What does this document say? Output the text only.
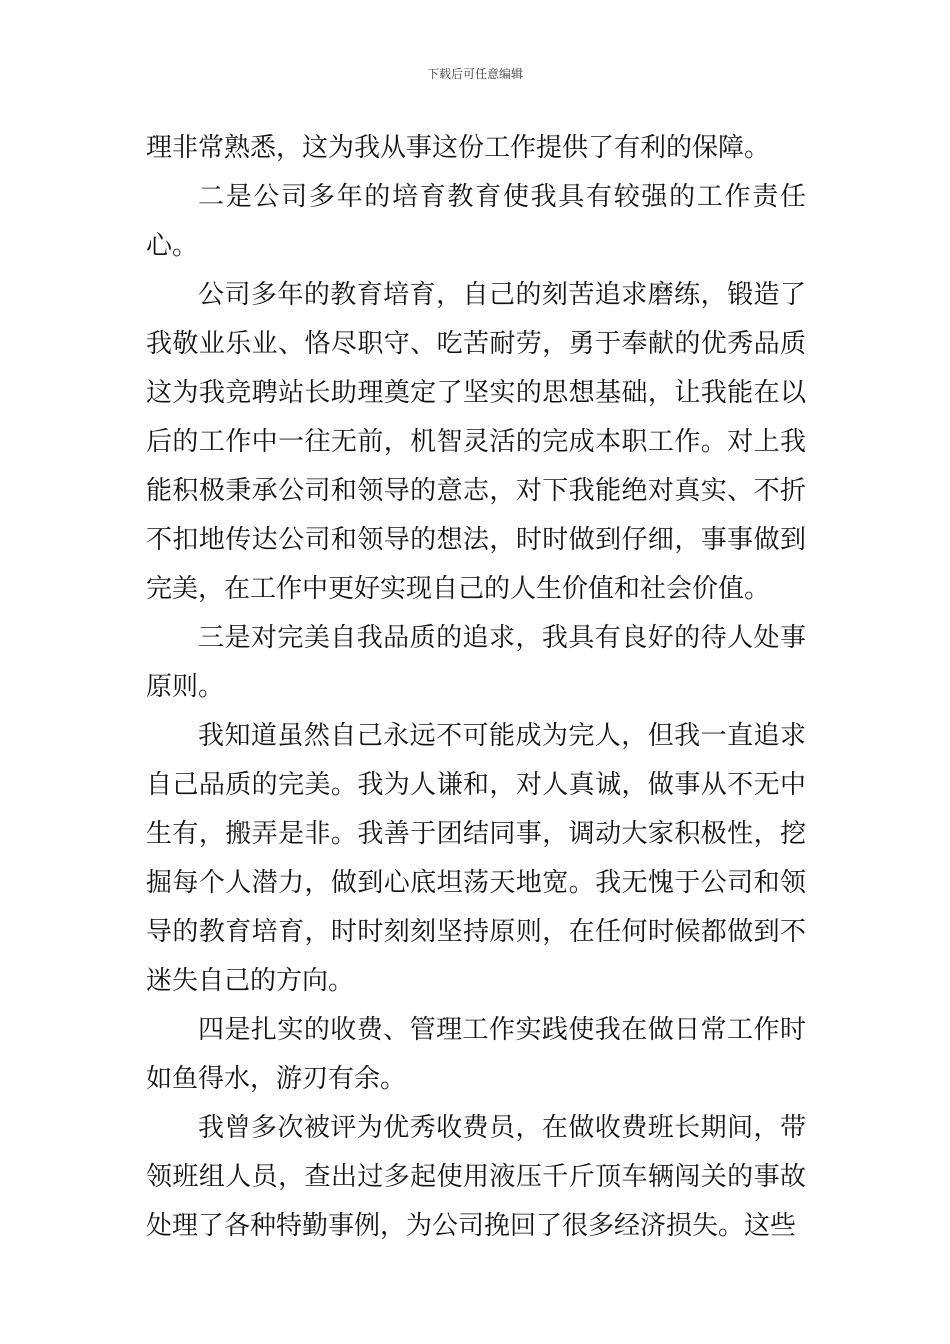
下载后可任意编辑

理非常熟悉，这为我从事这份工作提供了有利的保障。

二是公司多年的培育教育使我具有较强的工作责任心。

公司多年的教育培育，自己的刻苦追求磨练，锻造了我敬业乐业、恪尽职守、吃苦耐劳，勇于奉献的优秀品质这为我竞聘站长助理奠定了坚实的思想基础，让我能在以后的工作中一往无前，机智灵活的完成本职工作。对上我能积极秉承公司和领导的意志，对下我能绝对真实、不折不扣地传达公司和领导的想法，时时做到仔细，事事做到完美，在工作中更好实现自己的人生价值和社会价值。

三是对完美自我品质的追求，我具有良好的待人处事原则。

我知道虽然自己永远不可能成为完人，但我一直追求自己品质的完美。我为人谦和，对人真诚，做事从不无中生有，搬弄是非。我善于团结同事，调动大家积极性，挖掘每个人潜力，做到心底坦荡天地宽。我无愧于公司和领导的教育培育，时时刻刻坚持原则，在任何时候都做到不迷失自己的方向。

四是扎实的收费、管理工作实践使我在做日常工作时如鱼得水，游刃有余。

我曾多次被评为优秀收费员，在做收费班长期间，带领班组人员，查出过多起使用液压千斤顶车辆闯关的事故处理了各种特勤事例，为公司挽回了很多经济损失。这些
